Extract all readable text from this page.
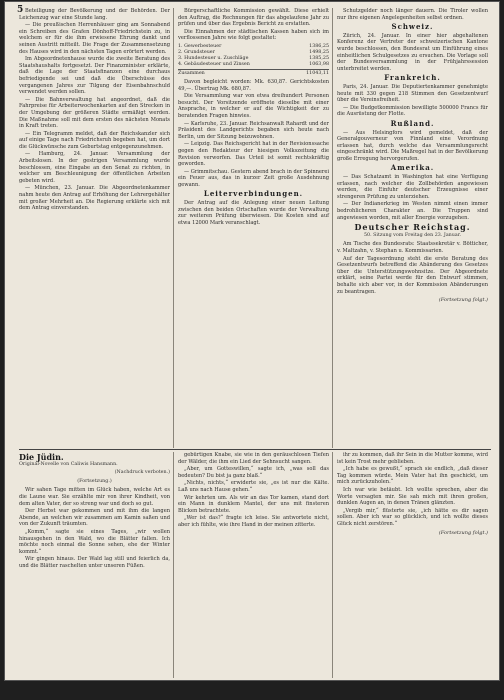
5 Beteiligung der Bevölkerung und der Behörden. Der Leichenzug war eine Stunde lang.

— Die preußischen Herrenhäuser ging am Sonnabend ein Schreiben des Grafen Dönhoff-Friedrichstein zu, in welchem er für die ihm erwiesene Ehrung dankt und seinen Austritt mitteilt. Die Frage der Zusammensetzung des Hauses wird in den nächsten Tagen erörtert werden.

Im Abgeordnetenhause wurde die zweite Beratung des Staatshaushalts fortgesetzt. Der Finanzminister erklärte, daß die Lage der Staatsfinanzen eine durchaus befriedigende sei und daß die Überschüsse des vergangenen Jahres zur Tilgung der Eisenbahnschuld verwendet werden sollen.

— Die Bahnverwaltung hat angeordnet, daß die Fahrpreise für Arbeiterwochenkarten auf den Strecken in der Umgebung der größeren Städte ermäßigt werden. Die Maßnahme soll mit dem ersten des nächsten Monats in Kraft treten.

— Ein Telegramm meldet, daß der Reichskanzler sich auf einige Tage nach Friedrichsruh begeben hat, um dort die Glückwünsche zum Geburtstag entgegenzunehmen.

— Hamburg, 24. Januar. Versammlung der Arbeitslosen. In der gestrigen Versammlung wurde beschlossen, eine Eingabe an den Senat zu richten, in welcher um Beschleunigung der öffentlichen Arbeiten gebeten wird.

— München, 23. Januar. Die Abgeordnetenkammer nahm heute den Antrag auf Erhöhung der Lehrergehälter mit großer Mehrheit an. Die Regierung erklärte sich mit dem Antrag einverstanden.

Bürgerschaftliche Kommission gewählt. Diese erhielt den Auftrag, die Rechnungen für das abgelaufene Jahr zu prüfen und über das Ergebnis Bericht zu erstatten.

Die Einnahmen der städtischen Kassen haben sich im verflossenen Jahre wie folgt gestaltet:

1. Gewerbesteuer	1386,25
2. Grundsteuer	1498,25
3. Hundesteuer u. Zuschläge	1385,25
4. Gebäudesteuer und Zinsen	1063,98
Zusammen	11043,11

Davon begleicht worden: Mk. 630,87. Gerichtskosten 49,—. Übertrag Mk. 680,87.

Die Versammlung war von etwa dreihundert Personen besucht. Der Vorsitzende eröffnete dieselbe mit einer Ansprache, in welcher er auf die Wichtigkeit der zu beratenden Fragen hinwies.

— Karlsruhe, 23. Januar. Reichsanwalt Rahardt und der Präsident des Landgerichts begaben sich heute nach Berlin, um der Sitzung beizuwohnen.

— Leipzig. Das Reichsgericht hat in der Revisionssache gegen den Redakteur der hiesigen Volkszeitung die Revision verworfen. Das Urteil ist somit rechtskräftig geworden.

— Grimmitschau. Gestern abend brach in der Spinnerei ein Feuer aus, das in kurzer Zeit große Ausdehnung gewann.

Leiterverbindungen.

Der Antrag auf die Anlegung einer neuen Leitung zwischen den beiden Ortschaften wurde der Verwaltung zur weiteren Prüfung überwiesen. Die Kosten sind auf etwa 12000 Mark veranschlagt.

Schutzgelder noch länger dauern. Die Tiroler wollen nur ihre eigenen Angelegenheiten selbst ordnen.

Schweiz.

Zürich, 24. Januar. In einer hier abgehaltenen Konferenz der Vertreter der schweizerischen Kantone wurde beschlossen, den Bundesrat um Einführung eines einheitlichen Schulgesetzes zu ersuchen. Die Vorlage soll der Bundesversammlung in der Frühjahrssession unterbreitet werden.

Frankreich.

Paris, 24. Januar. Die Deputiertenkammer genehmigte heute mit 330 gegen 218 Stimmen den Gesetzentwurf über die Vereinsfreiheit.

— Die Budgetkommission bewilligte 500000 Francs für die Ausrüstung der Flotte.

Rußland.

— Aus Helsingfors wird gemeldet, daß der Generalgouverneur von Finnland eine Verordnung erlassen hat, durch welche das Versammlungsrecht eingeschränkt wird. Die Maßregel hat in der Bevölkerung große Erregung hervorgerufen.

Amerika.

— Das Schatzamt in Washington hat eine Verfügung erlassen, nach welcher die Zollbehörden angewiesen werden, die Einfuhr deutscher Erzeugnisse einer strengeren Prüfung zu unterziehen.

— Der Indianerkrieg im Westen nimmt einen immer bedrohlicheren Charakter an. Die Truppen sind angewiesen worden, mit aller Energie vorzugehen.

Deutscher Reichstag.
50. Sitzung vom Freitag den 23. Januar.

Am Tische des Bundesrats: Staatssekretär v. Bötticher, v. Maltzahn, v. Stephan u. Kommissarien.

Auf der Tagesordnung steht die erste Beratung des Gesetzentwurfs betreffend die Abänderung des Gesetzes über die Unterstützungswohnsitze. Der Abgeordnete erklärt, seine Partei werde für den Entwurf stimmen, behalte sich aber vor, in der Kommission Abänderungen zu beantragen.

(Fortsetzung folgt.)
Die Jüdin.
Original-Novelle von Caliwis Hansmann.
(Nachdruck verboten.)
(Fortsetzung.)

Wir sahen Tage mitten im Glück haben, welche Art es die Laune war. Sie erzählte mir von ihrer Kindheit, von dem alten Vater, der so streng war und doch so gut.

Der Herbst war gekommen und mit ihm die langen Abende, an welchen wir zusammen am Kamin saßen und von der Zukunft träumten.

„Komm,“ sagte sie eines Tages, „wir wollen hinausgehen in den Wald, wo die Blätter fallen. Ich möchte noch einmal die Sonne sehen, ehe der Winter kommt.“

Wir gingen hinaus. Der Wald lag still und feierlich da, und die Blätter raschelten unter unseren Füßen.

gebürtigen Knabe, sie wie in den geräuschlosen Tiefen der Wälder, die ihm ein Lied der Sehnsucht sangen.

„Aber, um Gotteswillen,“ sagte ich, „was soll das bedeuten? Du bist ja ganz blaß.“

„Nichts, nichts,“ erwiderte sie, „es ist nur die Kälte. Laß uns nach Hause gehen.“

Wir kehrten um. Als wir an das Tor kamen, stand dort ein Mann in dunklem Mantel, der uns mit finsteren Blicken betrachtete.

„Wer ist das?“ fragte ich leise. Sie antwortete nicht, aber ich fühlte, wie ihre Hand in der meinen zitterte.

ihr zu kommen, daß ihr Sein in die Mutter komme, wird ist kein Trost mehr geblieben.

„Ich habe es gewußt,“ sprach sie endlich, „daß dieser Tag kommen würde. Mein Vater hat ihn geschickt, um mich zurückzuholen.“

Ich war wie betäubt. Ich wollte sprechen, aber die Worte versagten mir. Sie sah mich mit ihren großen, dunklen Augen an, in denen Tränen glänzten.

„Vergib mir,“ flüsterte sie, „ich hätte es dir sagen sollen. Aber ich war so glücklich, und ich wollte dieses Glück nicht zerstören.“

(Fortsetzung folgt.)
